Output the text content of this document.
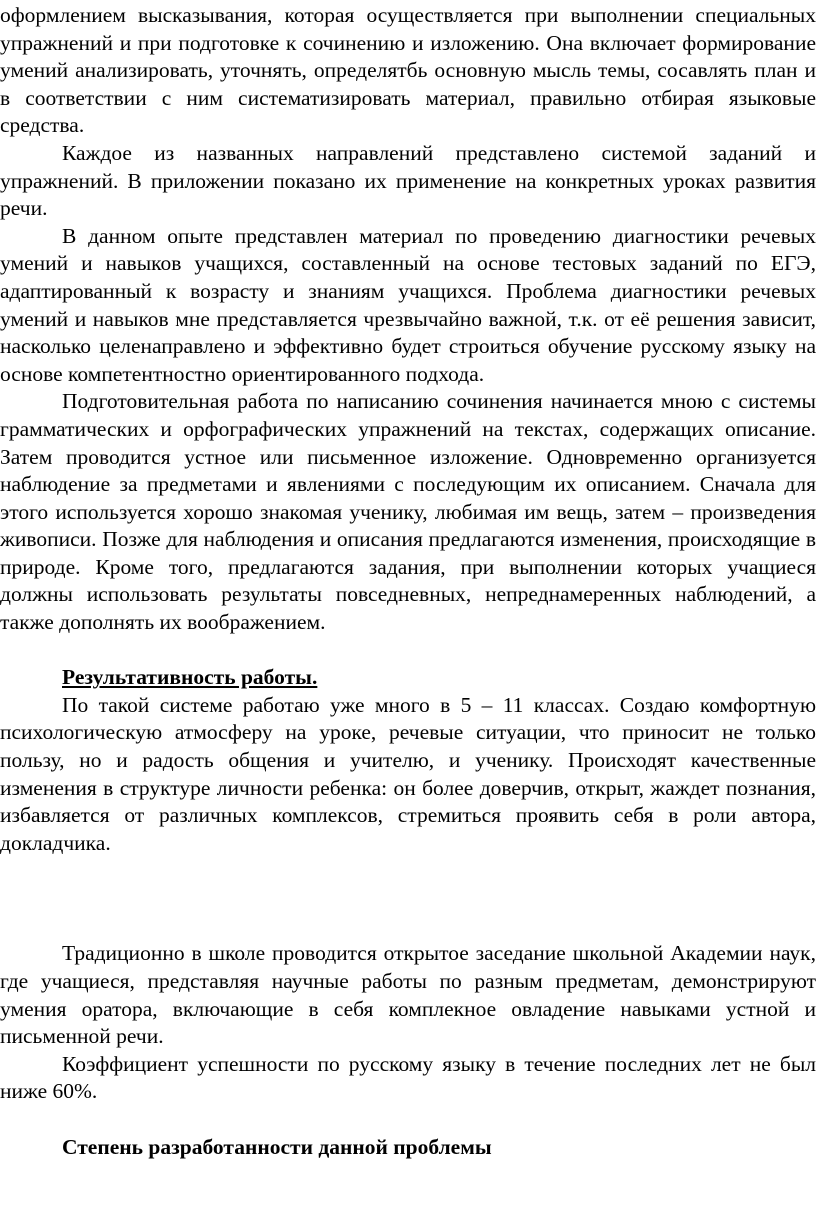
оформлением высказывания, которая осуществляется при выполнении специальных упражнений и при подготовке к сочинению и изложению. Она включает формирование умений анализировать, уточнять, определятбь основную мысль темы, сосавлять план и в соответствии с ним систематизировать материал, правильно отбирая языковые средства.

Каждое из названных направлений представлено системой заданий и упражнений. В приложении показано их применение на конкретных уроках развития речи.

В данном опыте представлен материал по проведению диагностики речевых умений и навыков учащихся, составленный на основе тестовых заданий по ЕГЭ, адаптированный к возрасту и знаниям учащихся. Проблема диагностики речевых умений и навыков мне представляется чрезвычайно важной, т.к. от её решения зависит, насколько целенаправлено и эффективно будет строиться обучение русскому языку на основе компетентностно ориентированного подхода.

Подготовительная работа по написанию сочинения начинается мною с системы грамматических и орфографических упражнений на текстах, содержащих описание. Затем проводится устное или письменное изложение. Одновременно организуется наблюдение за предметами и явлениями с последующим их описанием. Сначала для этого используется хорошо знакомая ученику, любимая им вещь, затем – произведения живописи. Позже для наблюдения и описания предлагаются изменения, происходящие в природе. Кроме того, предлагаются задания, при выполнении которых учащиеся должны использовать результаты повседневных, непреднамеренных наблюдений, а также дополнять их воображением.

Результативность работы.

По такой системе работаю уже много в 5 – 11 классах. Создаю комфортную психологическую атмосферу на уроке, речевые ситуации, что приносит не только пользу, но и радость общения и учителю, и ученику. Происходят качественные изменения в структуре личности ребенка: он более доверчив, открыт, жаждет познания, избавляется от различных комплексов, стремиться проявить себя в роли автора, докладчика.

Традиционно в школе проводится открытое заседание школьной Академии наук, где учащиеся, представляя научные работы по разным предметам, демонстрируют умения оратора, включающие в себя комплекное овладение навыками устной и письменной речи.

Коэффициент успешности по русскому языку в течение последних лет не был ниже 60%.

Степень разработанности данной проблемы
